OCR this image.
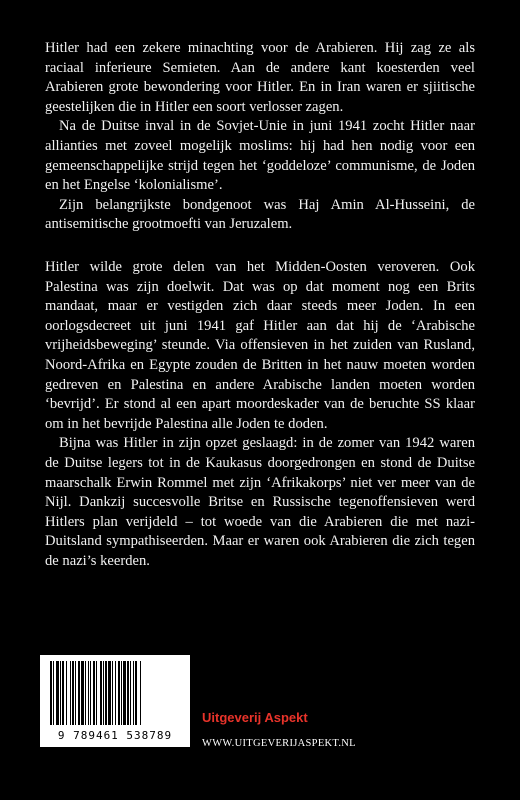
Hitler had een zekere minachting voor de Arabieren. Hij zag ze als raciaal inferieure Semieten. Aan de andere kant koesterden veel Arabieren grote bewondering voor Hitler. En in Iran waren er sjiitische geestelijken die in Hitler een soort verlosser zagen.

Na de Duitse inval in de Sovjet-Unie in juni 1941 zocht Hitler naar allianties met zoveel mogelijk moslims: hij had hen nodig voor een gemeenschappelijke strijd tegen het ‘goddeloze’ communisme, de Joden en het Engelse ‘kolonialisme’.

Zijn belangrijkste bondgenoot was Haj Amin Al-Husseini, de antisemitische grootmoefti van Jeruzalem.

Hitler wilde grote delen van het Midden-Oosten veroveren. Ook Palestina was zijn doelwit. Dat was op dat moment nog een Brits mandaat, maar er vestigden zich daar steeds meer Joden. In een oorlogsdecreet uit juni 1941 gaf Hitler aan dat hij de ‘Arabische vrijheidsbeweging’ steunde. Via offensieven in het zuiden van Rusland, Noord-Afrika en Egypte zouden de Britten in het nauw moeten worden gedreven en Palestina en andere Arabische landen moeten worden ‘bevrijd’. Er stond al een apart moordeskader van de beruchte SS klaar om in het bevrijde Palestina alle Joden te doden.

Bijna was Hitler in zijn opzet geslaagd: in de zomer van 1942 waren de Duitse legers tot in de Kaukasus doorgedrongen en stond de Duitse maarschalk Erwin Rommel met zijn ‘Afrikakorps’ niet ver meer van de Nijl. Dankzij succesvolle Britse en Russische tegenoffensieven werd Hitlers plan verijdeld – tot woede van die Arabieren die met nazi-Duitsland sympathiseerden. Maar er waren ook Arabieren die zich tegen de nazi’s keerden.

9 789461 538789
Uitgeverij Aspekt
WWW.UITGEVERIJASPEKT.NL
